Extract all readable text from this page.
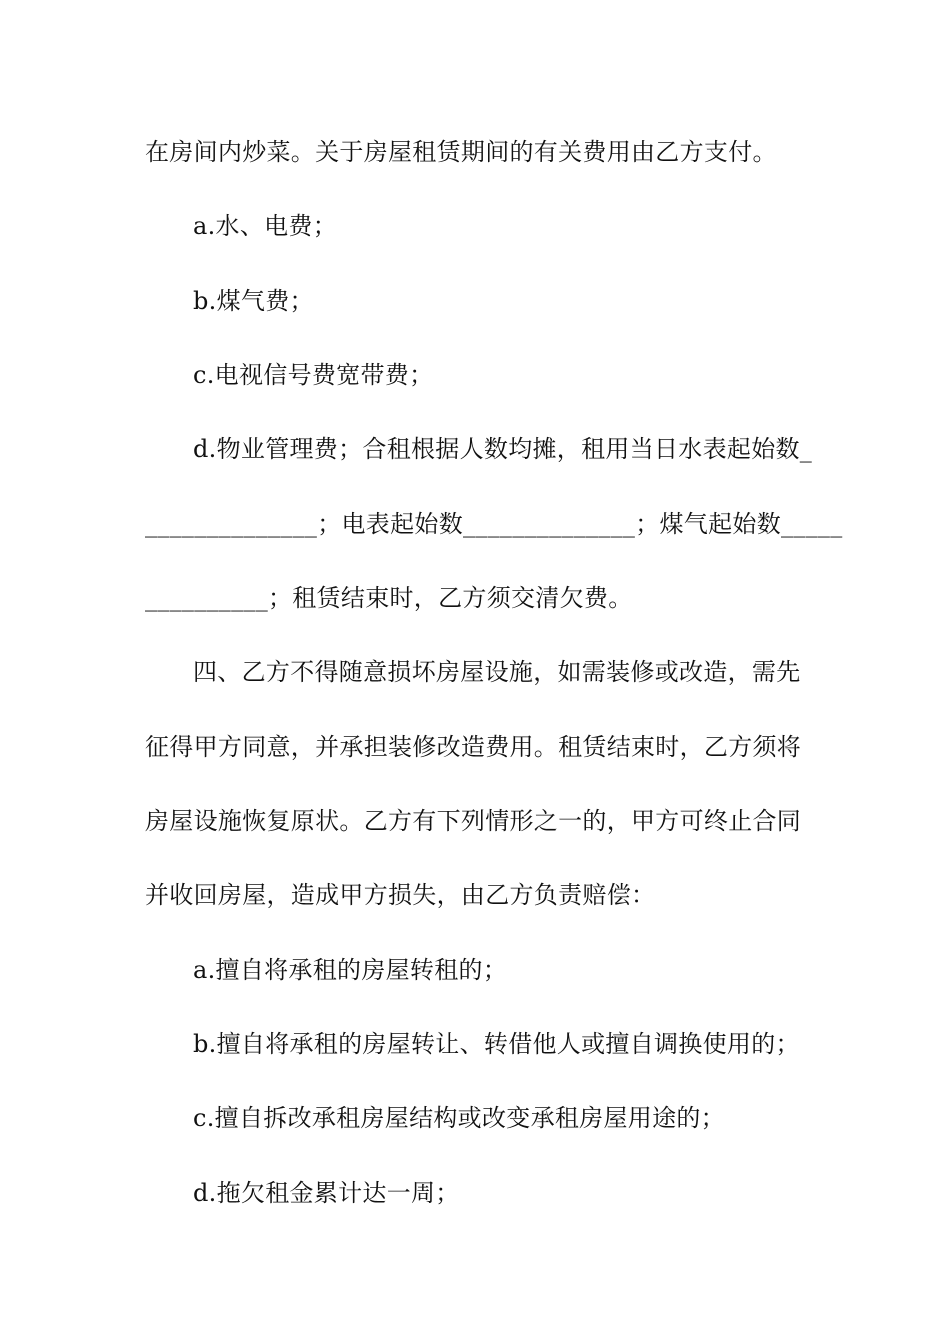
在房间内炒菜。关于房屋租赁期间的有关费用由乙方支付。
a.水、电费；
b.煤气费；
c.电视信号费宽带费；
d.物业管理费；合租根据人数均摊，租用当日水表起始数_
______________；电表起始数______________；煤气起始数_____
__________；租赁结束时，乙方须交清欠费。
四、乙方不得随意损坏房屋设施，如需装修或改造，需先
征得甲方同意，并承担装修改造费用。租赁结束时，乙方须将
房屋设施恢复原状。乙方有下列情形之一的，甲方可终止合同
并收回房屋，造成甲方损失，由乙方负责赔偿：
a.擅自将承租的房屋转租的；
b.擅自将承租的房屋转让、转借他人或擅自调换使用的；
c.擅自拆改承租房屋结构或改变承租房屋用途的；
d.拖欠租金累计达一周；
